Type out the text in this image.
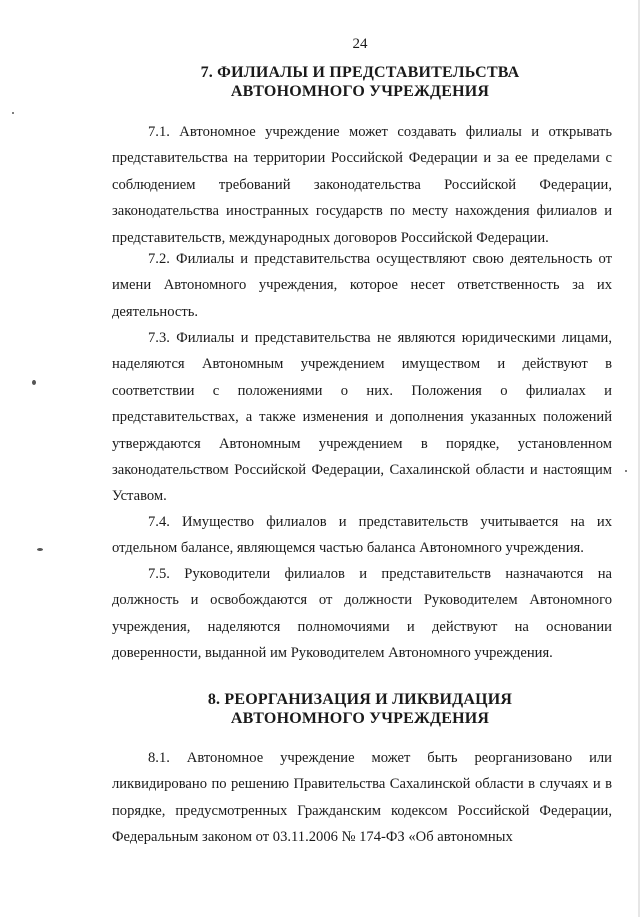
24
7. ФИЛИАЛЫ И ПРЕДСТАВИТЕЛЬСТВА
АВТОНОМНОГО УЧРЕЖДЕНИЯ

7.1. Автономное учреждение может создавать филиалы и открывать представительства на территории Российской Федерации и за ее пределами с соблюдением требований законодательства Российской Федерации, законодательства иностранных государств по месту нахождения филиалов и представительств, международных договоров Российской Федерации.

7.2. Филиалы и представительства осуществляют свою деятельность от имени Автономного учреждения, которое несет ответственность за их деятельность.

7.3. Филиалы и представительства не являются юридическими лицами, наделяются Автономным учреждением имуществом и действуют в соответствии с положениями о них. Положения о филиалах и представительствах, а также изменения и дополнения указанных положений утверждаются Автономным учреждением в порядке, установленном законодательством Российской Федерации, Сахалинской области и настоящим Уставом.

7.4. Имущество филиалов и представительств учитывается на их отдельном балансе, являющемся частью баланса Автономного учреждения.

7.5. Руководители филиалов и представительств назначаются на должность и освобождаются от должности Руководителем Автономного учреждения, наделяются полномочиями и действуют на основании доверенности, выданной им Руководителем Автономного учреждения.

8. РЕОРГАНИЗАЦИЯ И ЛИКВИДАЦИЯ
АВТОНОМНОГО УЧРЕЖДЕНИЯ

8.1. Автономное учреждение может быть реорганизовано или ликвидировано по решению Правительства Сахалинской области в случаях и в порядке, предусмотренных Гражданским кодексом Российской Федерации, Федеральным законом от 03.11.2006 № 174-ФЗ «Об автономных
